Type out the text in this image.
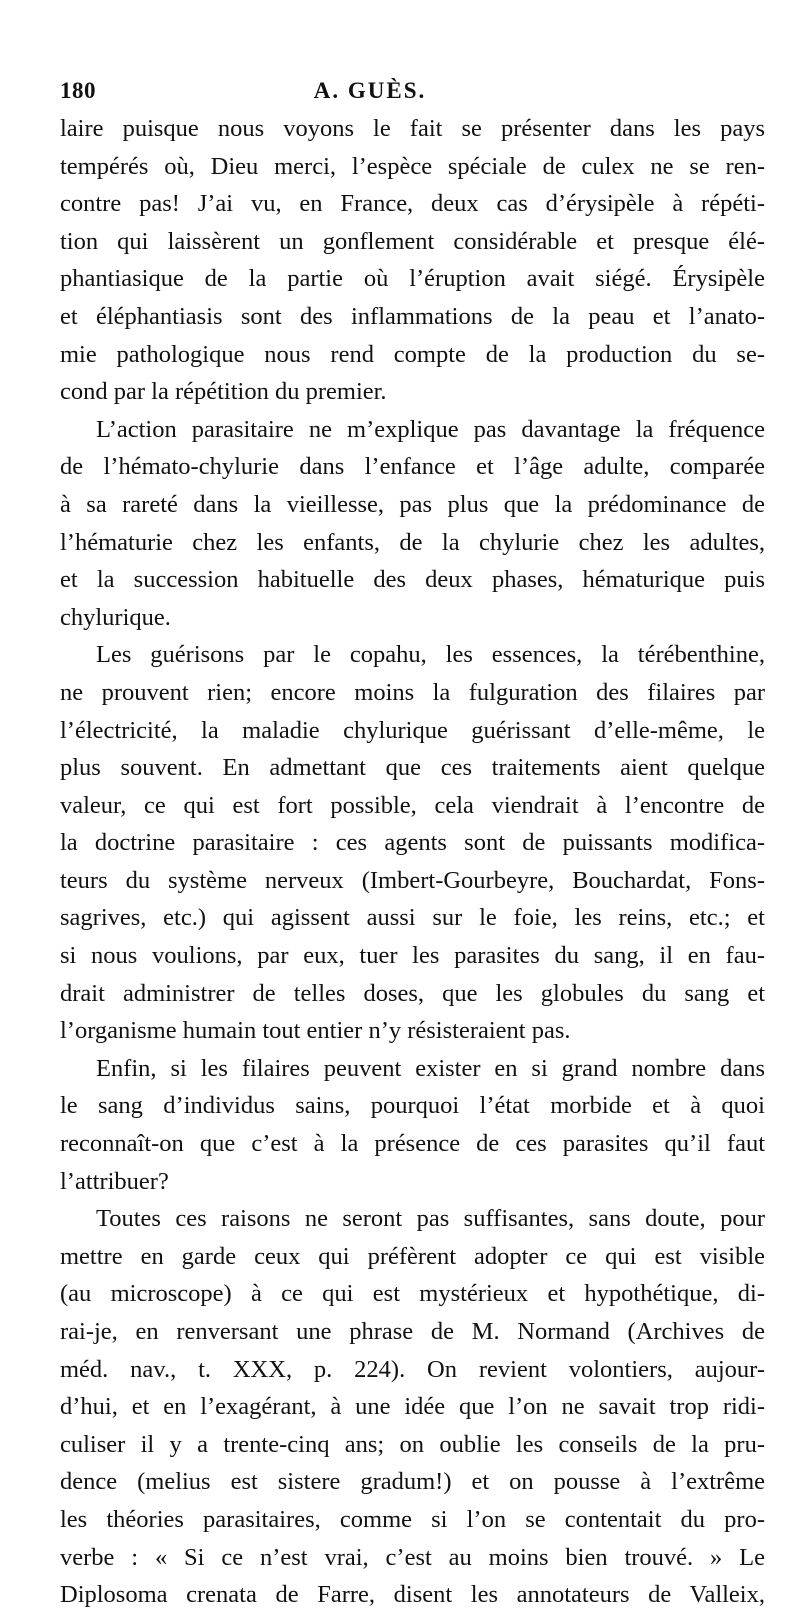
180	A. GUÈS.
laire puisque nous voyons le fait se présenter dans les pays
tempérés où, Dieu merci, l’espèce spéciale de culex ne se ren-
contre pas! J’ai vu, en France, deux cas d’érysipèle à répéti-
tion qui laissèrent un gonflement considérable et presque élé-
phantiasique de la partie où l’éruption avait siégé. Érysipèle
et éléphantiasis sont des inflammations de la peau et l’anato-
mie pathologique nous rend compte de la production du se-
cond par la répétition du premier.
L’action parasitaire ne m’explique pas davantage la fréquence
de l’hémato-chylurie dans l’enfance et l’âge adulte, comparée
à sa rareté dans la vieillesse, pas plus que la prédominance de
l’hématurie chez les enfants, de la chylurie chez les adultes,
et la succession habituelle des deux phases, hématurique puis
chylurique.
Les guérisons par le copahu, les essences, la térébenthine,
ne prouvent rien; encore moins la fulguration des filaires par
l’électricité, la maladie chylurique guérissant d’elle-même, le
plus souvent. En admettant que ces traitements aient quelque
valeur, ce qui est fort possible, cela viendrait à l’encontre de
la doctrine parasitaire : ces agents sont de puissants modifica-
teurs du système nerveux (Imbert-Gourbeyre, Bouchardat, Fons-
sagrives, etc.) qui agissent aussi sur le foie, les reins, etc.; et
si nous voulions, par eux, tuer les parasites du sang, il en fau-
drait administrer de telles doses, que les globules du sang et
l’organisme humain tout entier n’y résisteraient pas.
Enfin, si les filaires peuvent exister en si grand nombre dans
le sang d’individus sains, pourquoi l’état morbide et à quoi
reconnaît-on que c’est à la présence de ces parasites qu’il faut
l’attribuer?
Toutes ces raisons ne seront pas suffisantes, sans doute, pour
mettre en garde ceux qui préfèrent adopter ce qui est visible
(au microscope) à ce qui est mystérieux et hypothétique, di-
rai-je, en renversant une phrase de M. Normand (Archives de
méd. nav., t. XXX, p. 224). On revient volontiers, aujour-
d’hui, et en l’exagérant, à une idée que l’on ne savait trop ridi-
culiser il y a trente-cinq ans; on oublie les conseils de la pru-
dence (melius est sistere gradum!) et on pousse à l’extrême
les théories parasitaires, comme si l’on se contentait du pro-
verbe : « Si ce n’est vrai, c’est au moins bien trouvé. » Le
Diplosoma crenata de Farre, disent les annotateurs de Valleix,
